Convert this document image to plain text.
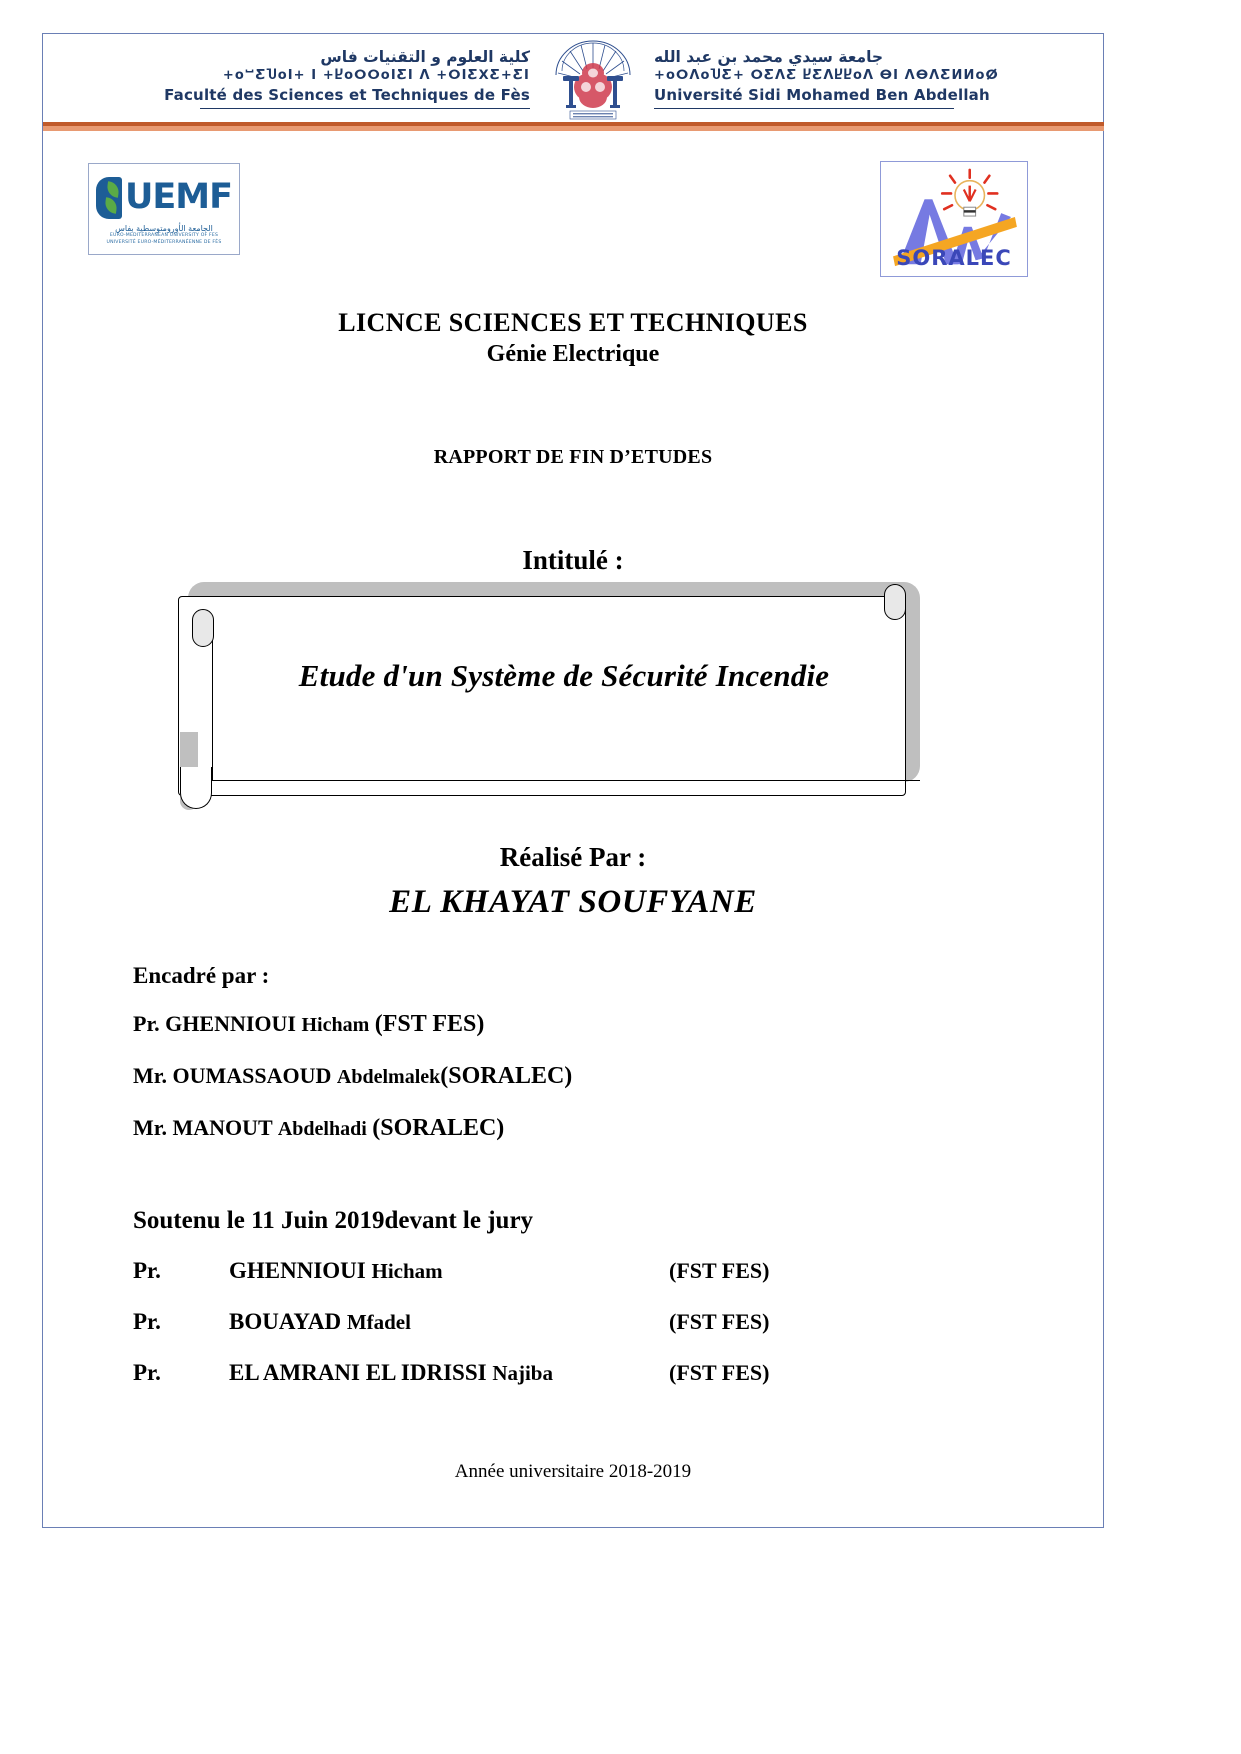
كلية العلوم و التقنيات فاس
+oⵯƸႮoI+ I +ႾoⵔⵔoIƸI Ʌ +ⵔIƸⵝƸ+ƸI
Faculté des Sciences et Techniques de Fès
جامعة سيدي محمد بن عبد الله
+oⵔɅoႮƸ+ ⵔƸɅƸ ႾƸɅႾႾoɅ ⴱI ɅⴱɅƸИИoⵁ
Université Sidi Mohamed Ben Abdellah
UEMF
الجامعة الأورومتوسطية بفاس
EURO-MEDITERRANEAN UNIVERSITY OF FES
UNIVERSITÉ EURO-MÉDITERRANÉENNE DE FÈS
SORALEC
LICNCE SCIENCES ET TECHNIQUES
Génie Electrique
RAPPORT DE FIN D’ETUDES
Intitulé :
Etude d'un Système de Sécurité Incendie
Réalisé Par :
EL KHAYAT SOUFYANE
Encadré par :
Pr. GHENNIOUI Hicham (FST FES)
Mr. OUMASSAOUD Abdelmalek(SORALEC)
Mr. MANOUT Abdelhadi (SORALEC)
Soutenu le 11 Juin 2019devant le jury
Pr.	GHENNIOUI Hicham	(FST FES)
Pr.	BOUAYAD Mfadel	(FST FES)
Pr.	EL AMRANI EL IDRISSI Najiba	(FST FES)
Année universitaire 2018-2019
